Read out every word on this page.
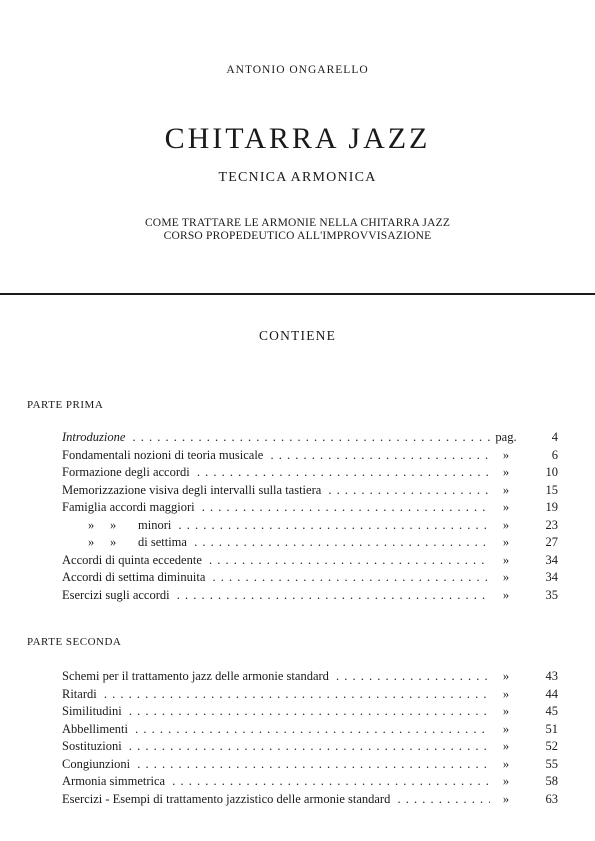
ANTONIO ONGARELLO
CHITARRA JAZZ
TECNICA ARMONICA
COME TRATTARE LE ARMONIE NELLA CHITARRA JAZZ
CORSO PROPEDEUTICO ALL'IMPROVVISAZIONE
CONTIENE
PARTE PRIMA
Introduzione . . .	pag.	4
Fondamentali nozioni di teoria musicale . . .	»	6
Formazione degli accordi . . .	»	10
Memorizzazione visiva degli intervalli sulla tastiera . . .	»	15
Famiglia accordi maggiori . . .	»	19
» » minori . . .	»	23
» » di settima . . .	»	27
Accordi di quinta eccedente . . .	»	34
Accordi di settima diminuita . . .	»	34
Esercizi sugli accordi . . .	»	35
PARTE SECONDA
Schemi per il trattamento jazz delle armonie standard . . .	»	43
Ritardi . . .	»	44
Similitudini . . .	»	45
Abbellimenti . . .	»	51
Sostituzioni . . .	»	52
Congiunzioni . . .	»	55
Armonia simmetrica . . .	»	58
Esercizi - Esempi di trattamento jazzistico delle armonie standard . . .	»	63
